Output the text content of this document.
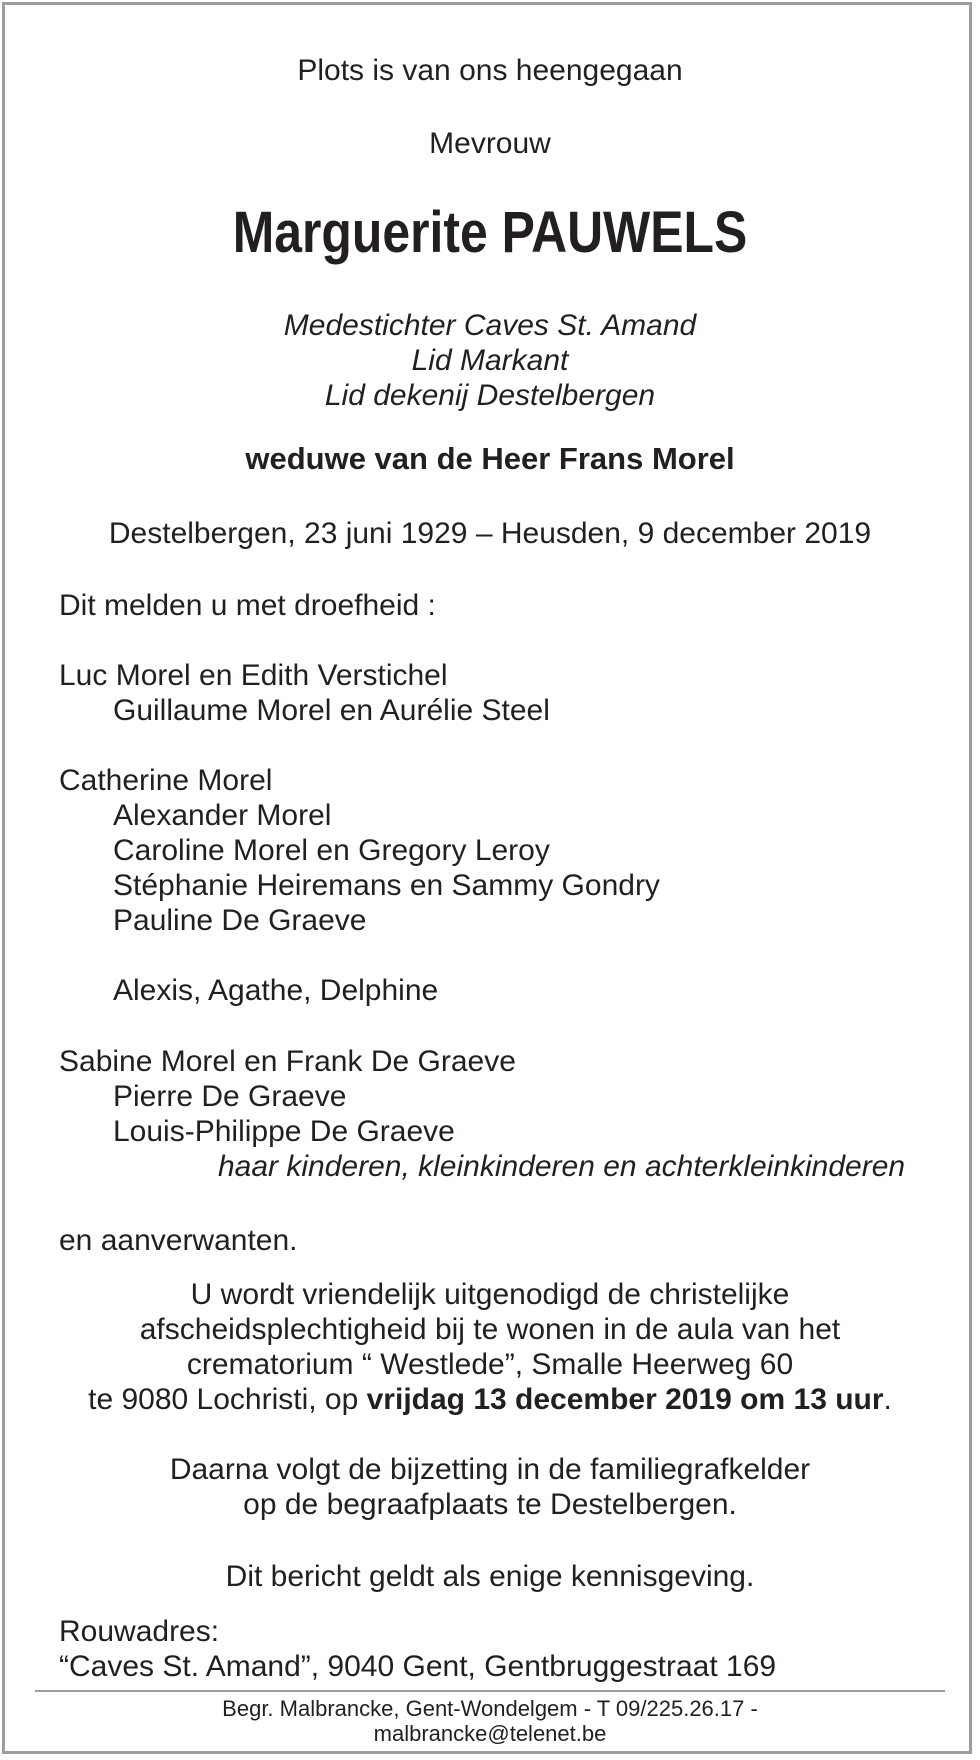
Plots is van ons heengegaan
Mevrouw
Marguerite PAUWELS
Medestichter Caves St. Amand
Lid Markant
Lid dekenij Destelbergen
weduwe van de Heer Frans Morel
Destelbergen, 23 juni 1929 – Heusden, 9 december 2019
Dit melden u met droefheid :
Luc Morel en Edith Verstichel
Guillaume Morel en Aurélie Steel
Catherine Morel
Alexander Morel
Caroline Morel en Gregory Leroy
Stéphanie Heiremans en Sammy Gondry
Pauline De Graeve
Alexis, Agathe, Delphine
Sabine Morel en Frank De Graeve
Pierre De Graeve
Louis-Philippe De Graeve
haar kinderen, kleinkinderen en achterkleinkinderen
en aanverwanten.
U wordt vriendelijk uitgenodigd de christelijke
afscheidsplechtigheid bij te wonen in de aula van het
crematorium “ Westlede”, Smalle Heerweg 60
te 9080 Lochristi, op vrijdag 13 december 2019 om 13 uur.
Daarna volgt de bijzetting in de familiegrafkelder
op de begraafplaats te Destelbergen.
Dit bericht geldt als enige kennisgeving.
Rouwadres:
“Caves St. Amand”, 9040 Gent, Gentbruggestraat 169
Begr. Malbrancke, Gent-Wondelgem - T 09/225.26.17 -
malbrancke@telenet.be
